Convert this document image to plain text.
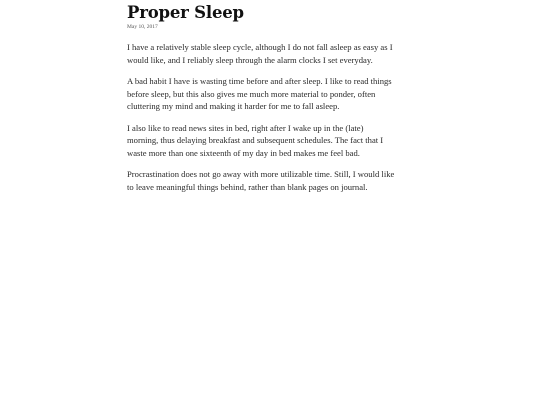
Proper Sleep
May 10, 2017

I have a relatively stable sleep cycle, although I do not fall asleep as easy as I
would like, and I reliably sleep through the alarm clocks I set everyday.

A bad habit I have is wasting time before and after sleep. I like to read things
before sleep, but this also gives me much more material to ponder, often
cluttering my mind and making it harder for me to fall asleep.

I also like to read news sites in bed, right after I wake up in the (late)
morning, thus delaying breakfast and subsequent schedules. The fact that I
waste more than one sixteenth of my day in bed makes me feel bad.

Procrastination does not go away with more utilizable time. Still, I would like
to leave meaningful things behind, rather than blank pages on journal.
